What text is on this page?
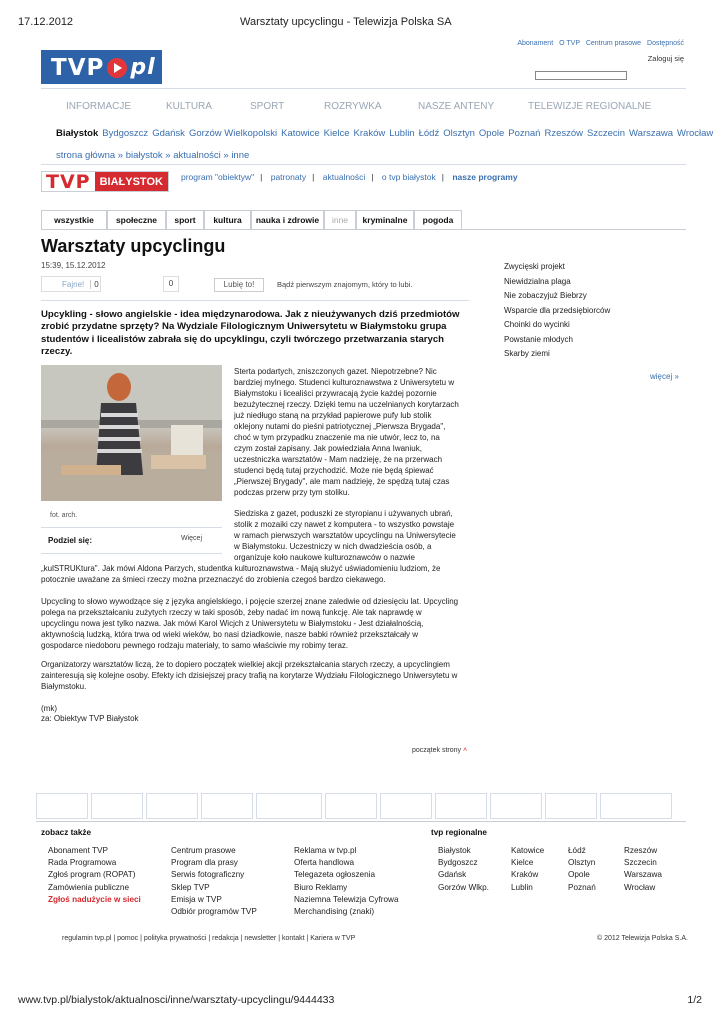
17.12.2012	Warsztaty upcyclingu - Telewizja Polska SA
Abonament O TVP Centrum prasowe Dostępność
Zaloguj się
TVP pl
INFORMACJE	KULTURA	SPORT	ROZRYWKA	NASZE ANTENY	TELEWIZJE REGIONALNE
Białystok Bydgoszcz Gdańsk Gorzów Wielkopolski Katowice Kielce Kraków Lublin Łódź Olsztyn Opole Poznań Rzeszów Szczecin Warszawa Wrocław
strona główna » białystok » aktualności » inne
TVP BIAŁYSTOK	program "obiektyw" | patronaty | aktualności | o tvp białystok | nasze programy
wszystkie	społeczne	sport	kultura	nauka i zdrowie	inne	kryminalne	pogoda
Warsztaty upcyclingu
15:39, 15.12.2012
Fajne!	0	0	Lubię to!	Bądź pierwszym znajomym, który to lubi.
Upcykling - słowo angielskie - idea międzynarodowa. Jak z nieużywanych dziś przedmiotów zrobić przydatne sprzęty? Na Wydziale Filologicznym Uniwersytetu w Białymstoku grupa studentów i licealistów zabrała się do upcyklingu, czyli twórczego przetwarzania starych rzeczy.
fot. arch.
Podziel się:	Więcej
Sterta podartych, zniszczonych gazet. Niepotrzebne? Nic
bardziej mylnego. Studenci kulturoznawstwa z Uniwersytetu w
Białymstoku i licealiści przywracają życie każdej pozornie
bezużytecznej rzeczy. Dzięki temu na uczelnianych korytarzach
już niedługo staną na przykład papierowe pufy lub stolik
oklejony nutami do pieśni patriotycznej „Pierwsza Brygada",
choć w tym przypadku znaczenie ma nie utwór, lecz to, na
czym został zapisany. Jak powiedziała Anna Iwaniuk,
uczestniczka warsztatów - Mam nadzieję, że na przerwach
studenci będą tutaj przychodzić. Może nie będą śpiewać
„Pierwszej Brygady", ale mam nadzieję, że spędzą tutaj czas
podczas przerw przy tym stoliku.
Siedziska z gazet, poduszki ze styropianu i używanych ubrań,
stolik z mozaiki czy nawet z komputera - to wszystko powstaje
w ramach pierwszych warsztatów upcyclingu na Uniwersytecie
w Białymstoku. Uczestniczy w nich dwadzieścia osób, a
organizuje koło naukowe kulturoznawców o nazwie
„kulSTRUKtura". Jak mówi Aldona Parzych, studentka kulturoznawstwa - Mają służyć uświadomieniu ludziom, że
potocznie uważane za śmieci rzeczy można przeznaczyć do zrobienia czegoś bardzo ciekawego.
Upcycling to słowo wywodzące się z języka angielskiego, i pojęcie szerzej znane zaledwie od dziesięciu lat. Upcycling
polega na przekształcaniu zużytych rzeczy w taki sposób, żeby nadać im nową funkcję. Ale tak naprawdę w
upcyclingu nowa jest tylko nazwa. Jak mówi Karol Wicjch z Uniwersytetu w Białymstoku - Jest działalnością,
aktywnością ludzką, która trwa od wieki wieków, bo nasi dziadkowie, nasze babki również przekształcały w
gospodarce niedoboru pewnego rodzaju materiały, to samo właściwie my robimy teraz.
Organizatorzy warsztatów liczą, że to dopiero początek wielkiej akcji przekształcania starych rzeczy, a upcyclingiem
zainteresują się kolejne osoby. Efekty ich dzisiejszej pracy trafią na korytarze Wydziału Filologicznego Uniwersytetu w
Białymstoku.
(mk)
za: Obiektyw TVP Białystok
początek strony ˄
Zwycięski projekt
Niewidzialna plaga
Nie zobaczyjuż Biebrzy
Wsparcie dla przedsiębiorców
Choinki do wycinki
Powstanie młodych
Skarby ziemi
więcej »
zobacz także
Abonament TVP
Rada Programowa
Zgłoś program (ROPAT)
Zamówienia publiczne
Zgłoś nadużycie w sieci
Centrum prasowe
Program dla prasy
Serwis fotograficzny
Sklep TVP
Emisja w TVP
Odbiór programów TVP
Reklama w tvp.pl
Oferta handlowa
Telegazeta ogłoszenia
Biuro Reklamy
Naziemna Telewizja Cyfrowa
Merchandising (znaki)
tvp regionalne
Białystok
Bydgoszcz
Gdańsk
Gorzów Wlkp.
Katowice
Kielce
Kraków
Lublin
Łódź
Olsztyn
Opole
Poznań
Rzeszów
Szczecin
Warszawa
Wrocław
regulamin tvp.pl | pomoc | polityka prywatności | redakcja | newsletter | kontakt | Kariera w TVP	© 2012 Telewizja Polska S.A.
www.tvp.pl/bialystok/aktualnosci/inne/warsztaty-upcyclingu/9444433	1/2
